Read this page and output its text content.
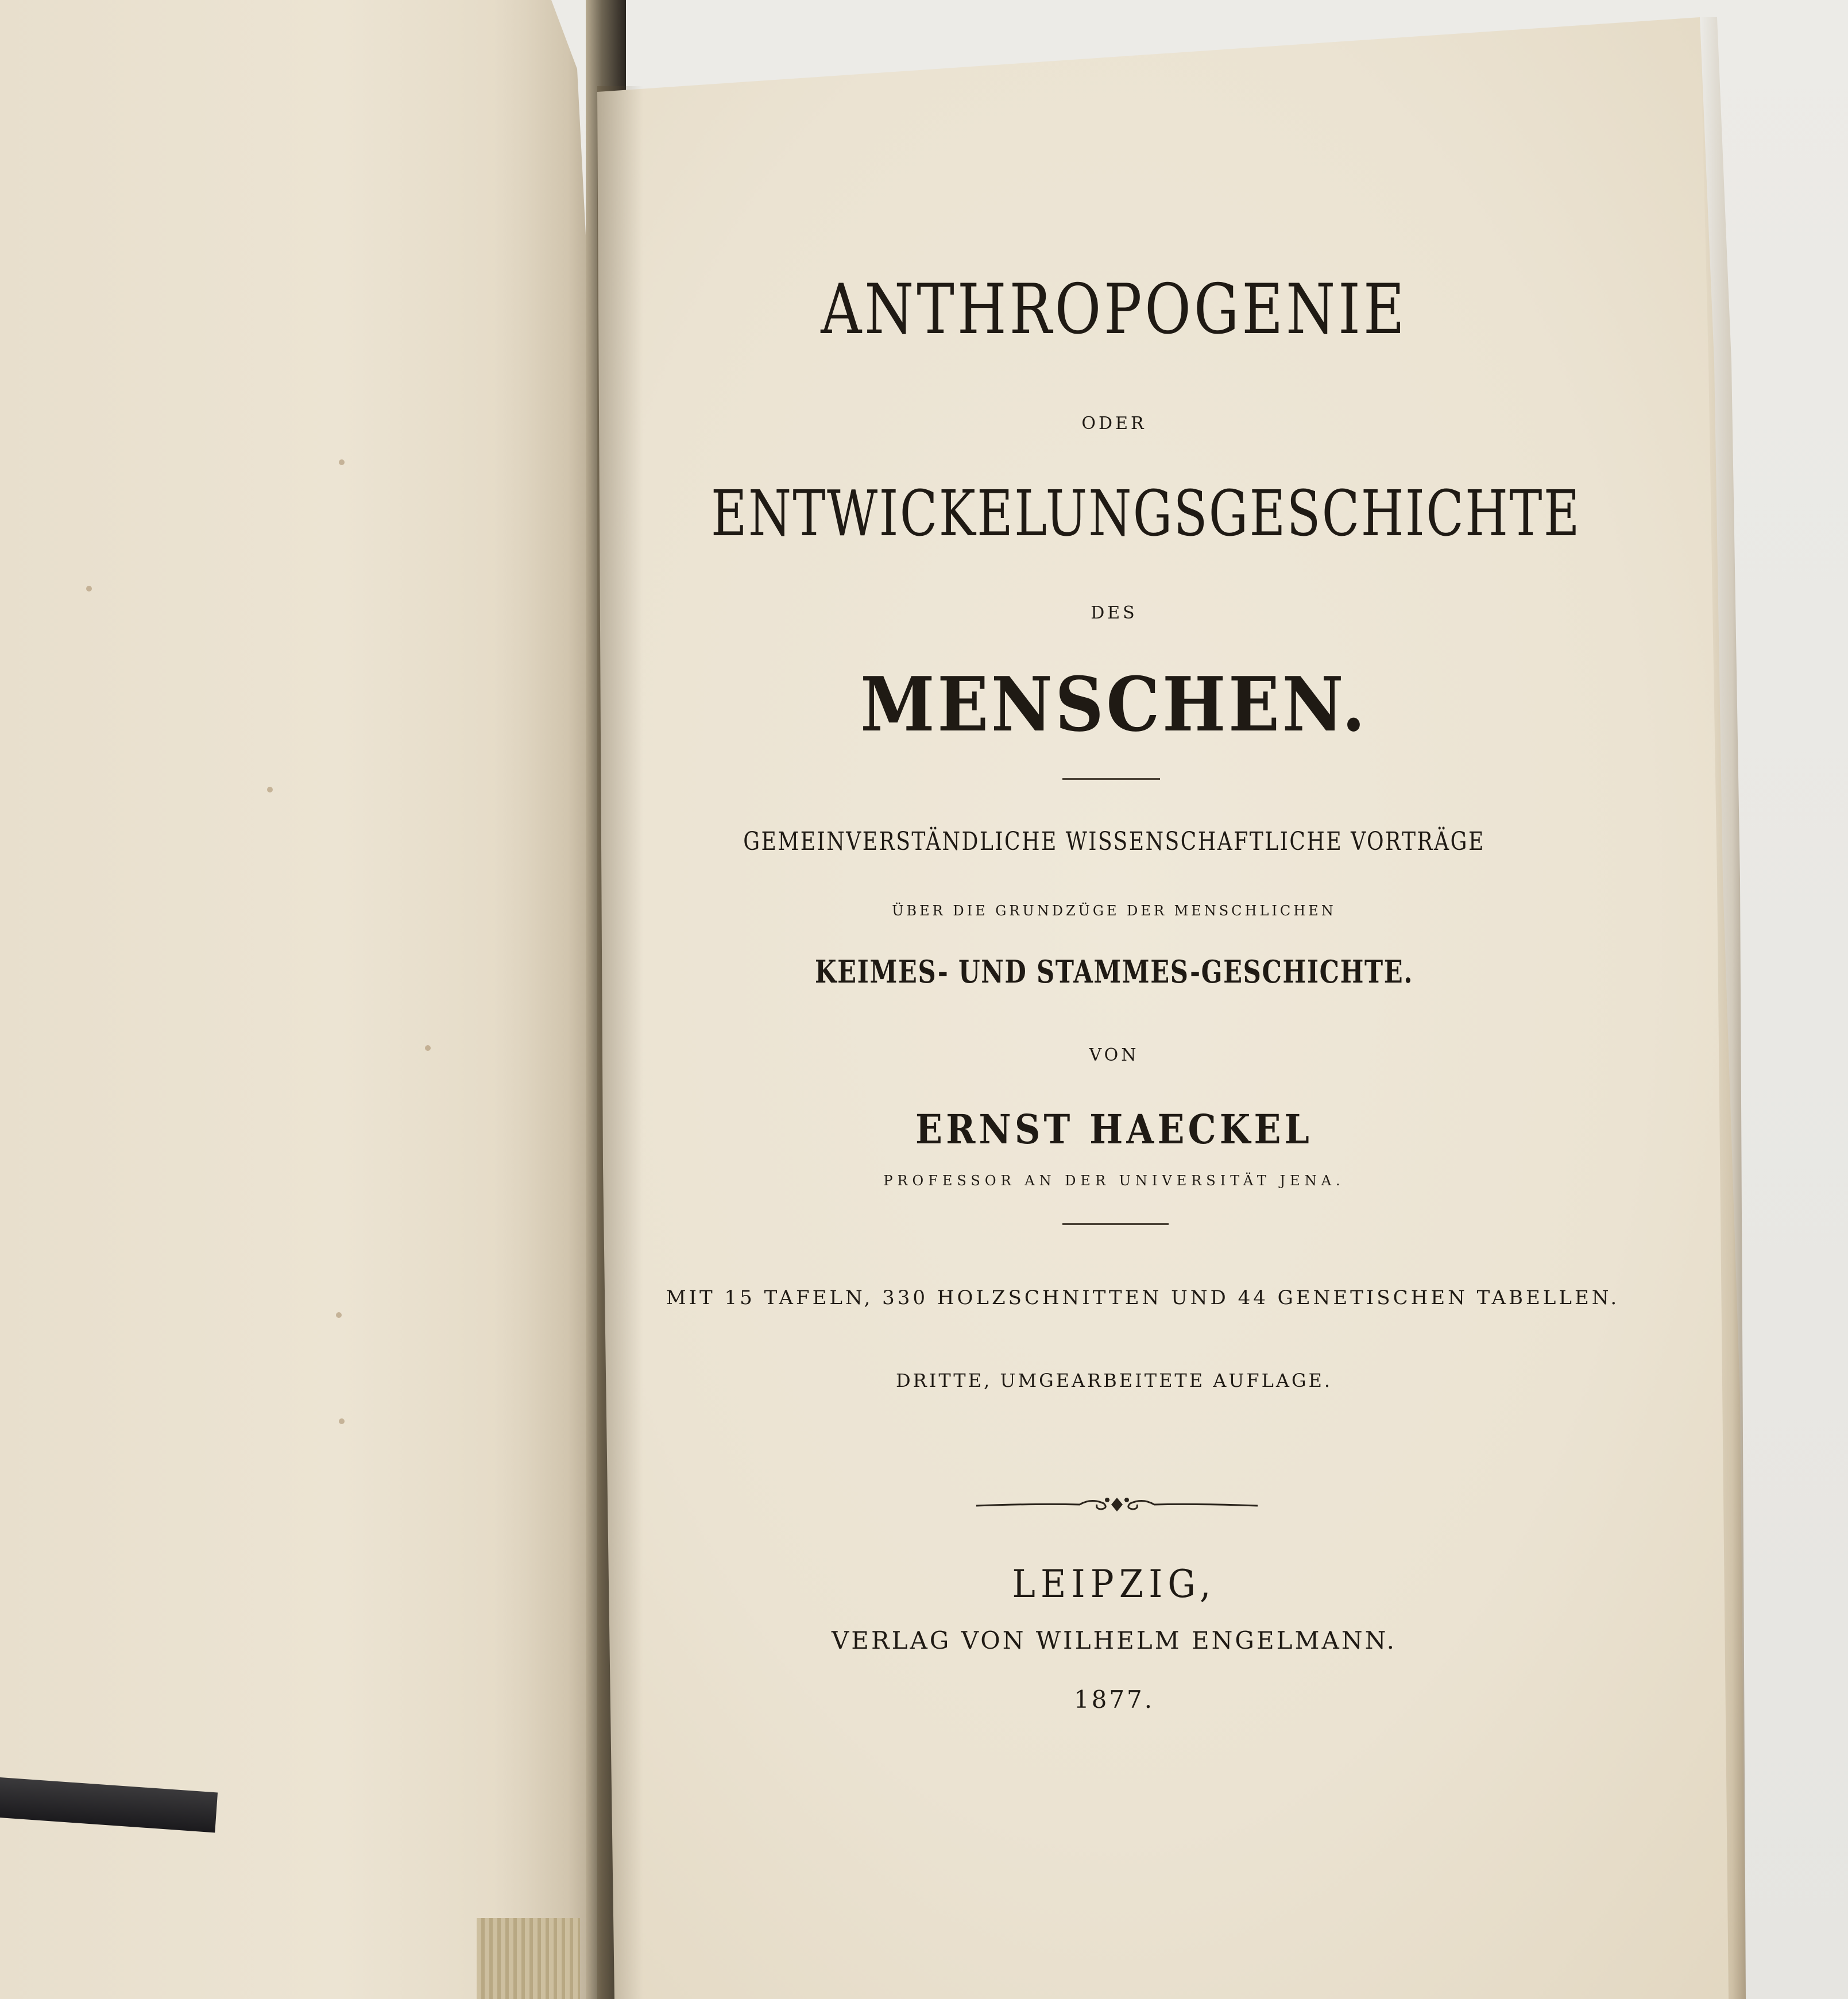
ANTHROPOGENIE
ODER
ENTWICKELUNGSGESCHICHTE
DES
MENSCHEN.
GEMEINVERSTÄNDLICHE WISSENSCHAFTLICHE VORTRÄGE
ÜBER DIE GRUNDZÜGE DER MENSCHLICHEN
KEIMES- UND STAMMES-GESCHICHTE.
VON
ERNST HAECKEL
PROFESSOR AN DER UNIVERSITÄT JENA.
MIT 15 TAFELN, 330 HOLZSCHNITTEN UND 44 GENETISCHEN TABELLEN.
DRITTE, UMGEARBEITETE AUFLAGE.
LEIPZIG,
VERLAG VON WILHELM ENGELMANN.
1877.
